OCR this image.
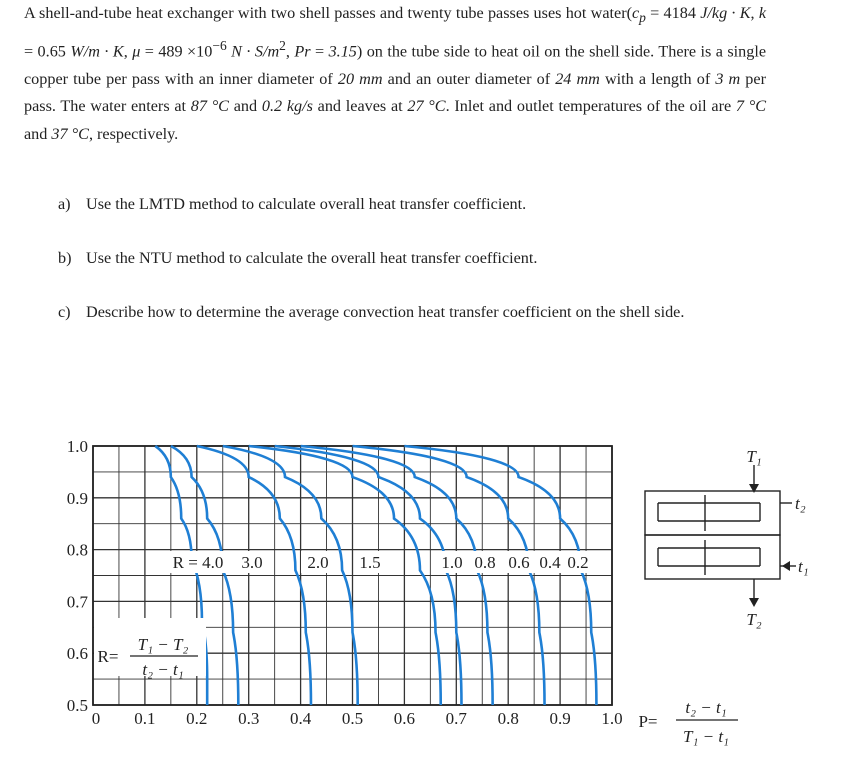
A shell-and-tube heat exchanger with two shell passes and twenty tube passes uses hot $water(c_p = 4184$ J/kg · K, k = 0.65 W/m · K, $\mu = 489 \times 10^{-6}$ $N \cdot S/m^2$, Pr = 3.15) on the tube side to heat oil on the shell side. There is a single copper tube per pass with an inner diameter of 20 mm and an outer diameter of 24 mm with a length of 3 m per pass. The water enters at 87 °C and 0.2 kg/s and leaves at 27 °C. Inlet and outlet temperatures of the oil are 7 °C and 37 °C, respectively.
a) Use the LMTD method to calculate overall heat transfer coefficient.
b) Use the NTU method to calculate the overall heat transfer coefficient.
c) Describe how to determine the average convection heat transfer coefficient on the shell side.
1.0
0.9
0.8
0.7
0.6
0.5
0 0.1 0.2 0.3 0.4 0.5 0.6 0.7 0.8 0.9 1.0
R = 4.0 3.0	2.0 1.5	1.0 0.8 0.6 0.4 0.2
R=
T₁ − T₂
t₂ − t₁
P=
t₂ − t₁
T₁ − t₁
T₁
T₂
t₂
t₁
